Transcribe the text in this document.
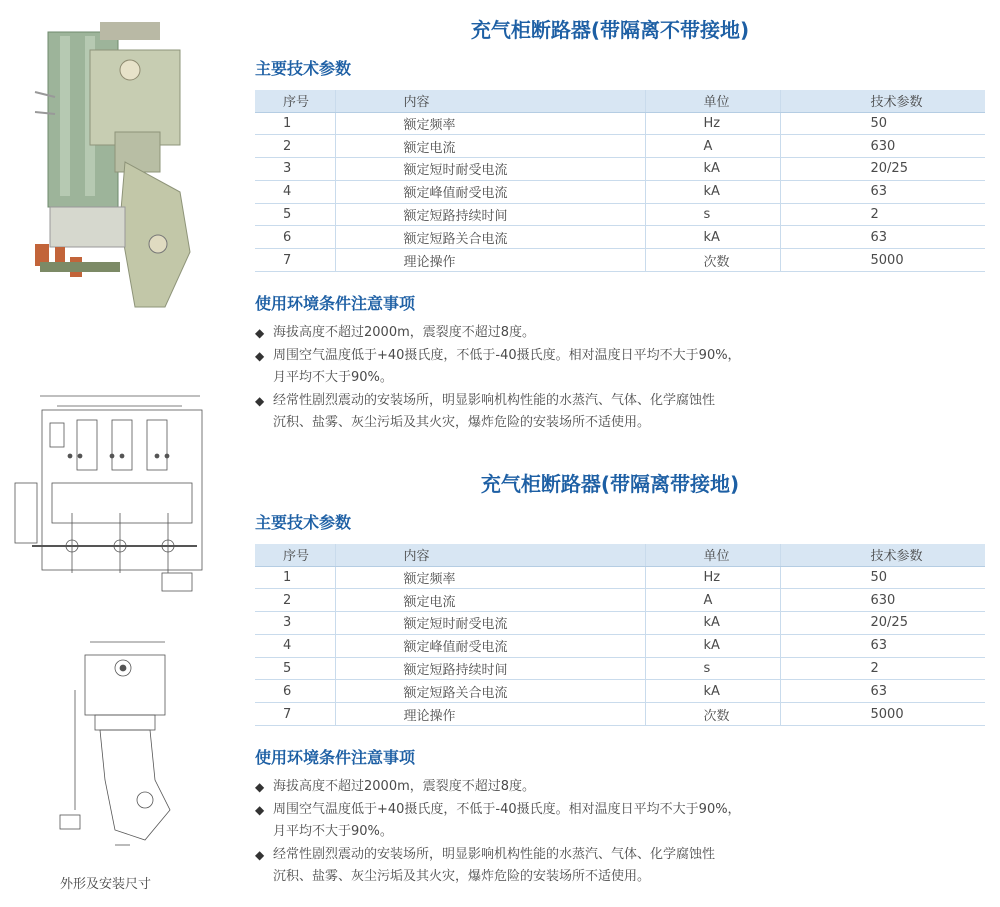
外形及安装尺寸
充气柜断路器(带隔离不带接地)
主要技术参数
序号	内容	单位	技术参数
1	额定频率	Hz	50
2	额定电流	A	630
3	额定短时耐受电流	kA	20/25
4	额定峰值耐受电流	kA	63
5	额定短路持续时间	s	2
6	额定短路关合电流	kA	63
7	理论操作	次数	5000
使用环境条件注意事项
◆ 海拔高度不超过2000m，震裂度不超过8度。
◆ 周围空气温度低于+40摄氏度，不低于-40摄氏度。相对温度日平均不大于90%，
月平均不大于90%。
◆ 经常性剧烈震动的安装场所，明显影响机构性能的水蒸汽、气体、化学腐蚀性
沉积、盐雾、灰尘污垢及其火灾，爆炸危险的安装场所不适使用。
充气柜断路器(带隔离带接地)
主要技术参数
序号	内容	单位	技术参数
1	额定频率	Hz	50
2	额定电流	A	630
3	额定短时耐受电流	kA	20/25
4	额定峰值耐受电流	kA	63
5	额定短路持续时间	s	2
6	额定短路关合电流	kA	63
7	理论操作	次数	5000
使用环境条件注意事项
◆ 海拔高度不超过2000m，震裂度不超过8度。
◆ 周围空气温度低于+40摄氏度，不低于-40摄氏度。相对温度日平均不大于90%，
月平均不大于90%。
◆ 经常性剧烈震动的安装场所，明显影响机构性能的水蒸汽、气体、化学腐蚀性
沉积、盐雾、灰尘污垢及其火灾，爆炸危险的安装场所不适使用。
